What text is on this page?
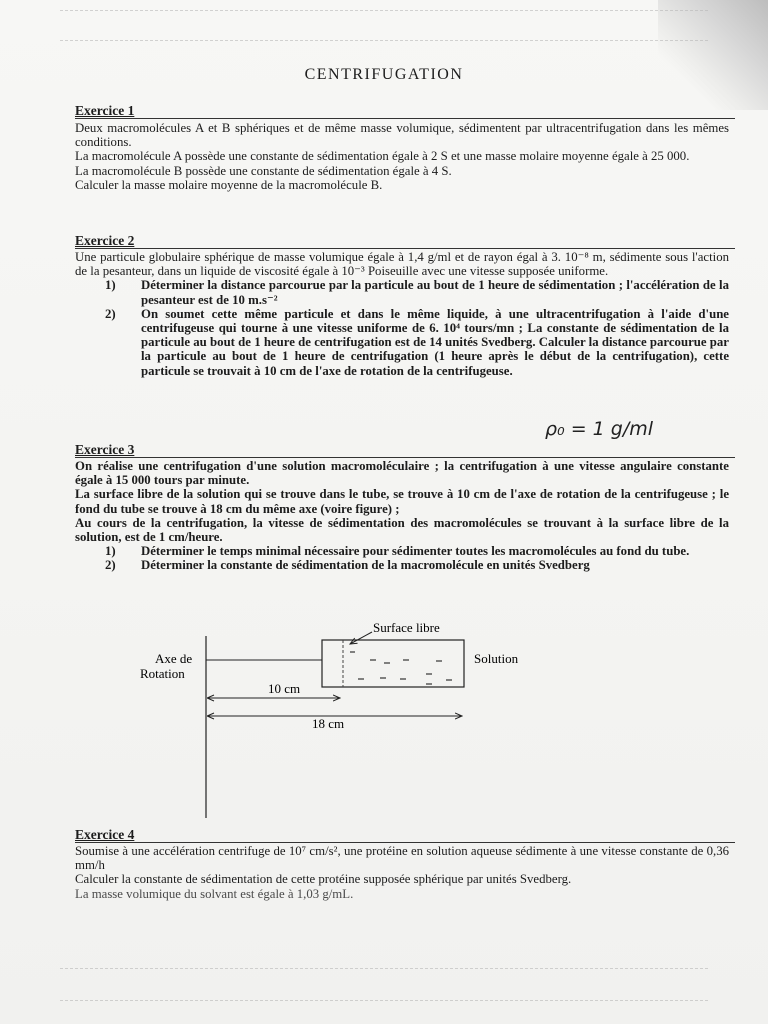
CENTRIFUGATION
Exercice 1

Deux macromolécules A et B sphériques et de même masse volumique, sédimentent par ultracentrifugation dans les mêmes conditions.

La macromolécule A possède une constante de sédimentation égale à 2 S et une masse molaire moyenne égale à 25 000.

La macromolécule B possède une constante de sédimentation égale à 4 S.

Calculer la masse molaire moyenne de la macromolécule B.

Exercice 2

Une particule globulaire sphérique de masse volumique égale à 1,4 g/ml et de rayon égal à 3. 10⁻⁸ m, sédimente sous l'action de la pesanteur, dans un liquide de viscosité égale à 10⁻³ Poiseuille avec une vitesse supposée uniforme.

1) Déterminer la distance parcourue par la particule au bout de 1 heure de sédimentation ; l'accélération de la pesanteur est de 10 m.s⁻²
2) On soumet cette même particule et dans le même liquide, à une ultracentrifugation à l'aide d'une centrifugeuse qui tourne à une vitesse uniforme de 6. 10⁴ tours/mn ; La constante de sédimentation de la particule au bout de 1 heure de centrifugation est de 14 unités Svedberg. Calculer la distance parcourue par la particule au bout de 1 heure de centrifugation (1 heure après le début de la centrifugation), cette particule se trouvait à 10 cm de l'axe de rotation de la centrifugeuse.
ρ₀ = 1 g/ml
Exercice 3

On réalise une centrifugation d'une solution macromoléculaire ; la centrifugation à une vitesse angulaire constante égale à 15 000 tours par minute.

La surface libre de la solution qui se trouve dans le tube, se trouve à 10 cm de l'axe de rotation de la centrifugeuse ; le fond du tube se trouve à 18 cm du même axe (voire figure) ;

Au cours de la centrifugation, la vitesse de sédimentation des macromolécules se trouvant à la surface libre de la solution, est de 1 cm/heure.

1) Déterminer le temps minimal nécessaire pour sédimenter toutes les macromolécules au fond du tube.
2) Déterminer la constante de sédimentation de la macromolécule en unités Svedberg
Axe de
Rotation
Surface libre
Solution
10 cm
18 cm
Exercice 4

Soumise à une accélération centrifuge de 10⁷ cm/s², une protéine en solution aqueuse sédimente à une vitesse constante de 0,36 mm/h

Calculer la constante de sédimentation de cette protéine supposée sphérique par unités Svedberg.

La masse volumique du solvant est égale à 1,03 g/mL.
